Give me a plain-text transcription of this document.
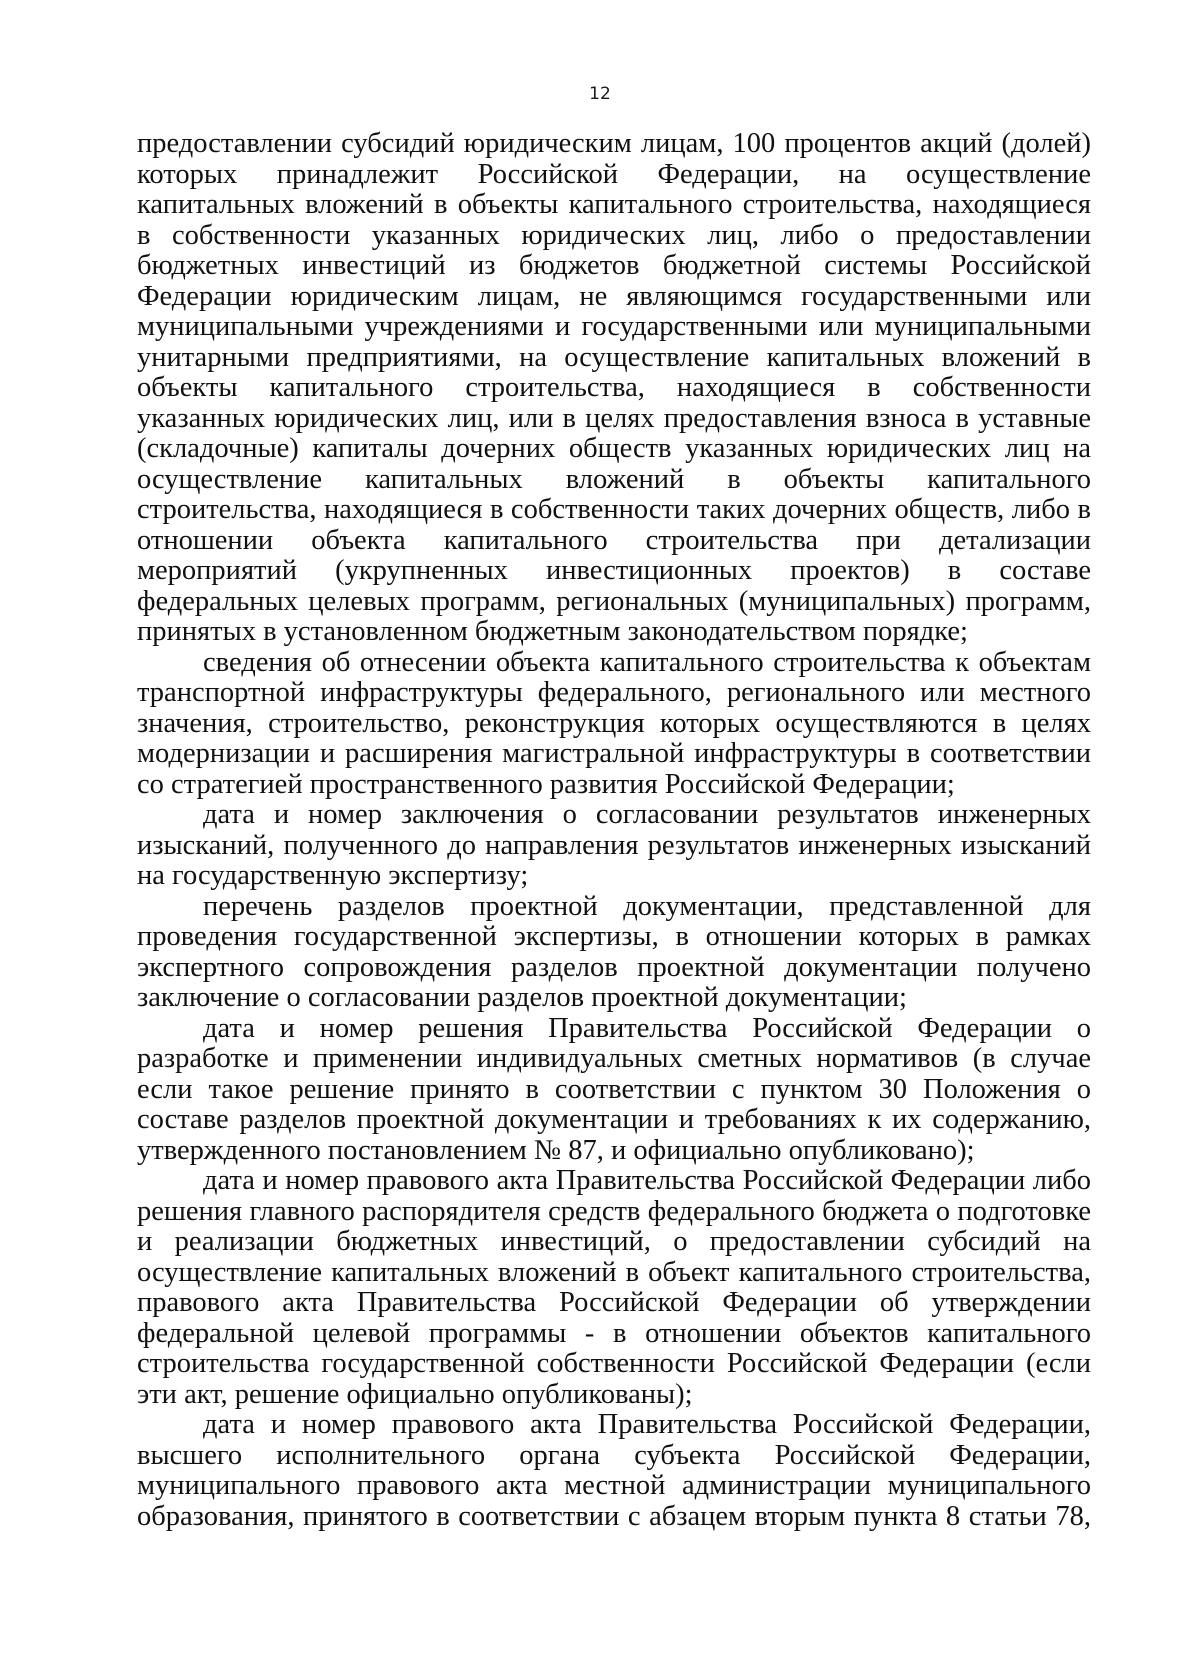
12

предоставлении субсидий юридическим лицам, 100 процентов акций (долей) которых принадлежит Российской Федерации, на осуществление капитальных вложений в объекты капитального строительства, находящиеся в собственности указанных юридических лиц, либо о предоставлении бюджетных инвестиций из бюджетов бюджетной системы Российской Федерации юридическим лицам, не являющимся государственными или муниципальными учреждениями и государственными или муниципальными унитарными предприятиями, на осуществление капитальных вложений в объекты капитального строительства, находящиеся в собственности указанных юридических лиц, или в целях предоставления взноса в уставные (складочные) капиталы дочерних обществ указанных юридических лиц на осуществление капитальных вложений в объекты капитального строительства, находящиеся в собственности таких дочерних обществ, либо в отношении объекта капитального строительства при детализации мероприятий (укрупненных инвестиционных проектов) в составе федеральных целевых программ, региональных (муниципальных) программ, принятых в установленном бюджетным законодательством порядке;

сведения об отнесении объекта капитального строительства к объектам транспортной инфраструктуры федерального, регионального или местного значения, строительство, реконструкция которых осуществляются в целях модернизации и расширения магистральной инфраструктуры в соответствии со стратегией пространственного развития Российской Федерации;

дата и номер заключения о согласовании результатов инженерных изысканий, полученного до направления результатов инженерных изысканий на государственную экспертизу;

перечень разделов проектной документации, представленной для проведения государственной экспертизы, в отношении которых в рамках экспертного сопровождения разделов проектной документации получено заключение о согласовании разделов проектной документации;

дата и номер решения Правительства Российской Федерации о разработке и применении индивидуальных сметных нормативов (в случае если такое решение принято в соответствии с пунктом 30 Положения о составе разделов проектной документации и требованиях к их содержанию, утвержденного постановлением № 87, и официально опубликовано);

дата и номер правового акта Правительства Российской Федерации либо решения главного распорядителя средств федерального бюджета о подготовке и реализации бюджетных инвестиций, о предоставлении субсидий на осуществление капитальных вложений в объект капитального строительства, правового акта Правительства Российской Федерации об утверждении федеральной целевой программы - в отношении объектов капитального строительства государственной собственности Российской Федерации (если эти акт, решение официально опубликованы);

дата и номер правового акта Правительства Российской Федерации, высшего исполнительного органа субъекта Российской Федерации, муниципального правового акта местной администрации муниципального образования, принятого в соответствии с абзацем вторым пункта 8 статьи 78,
